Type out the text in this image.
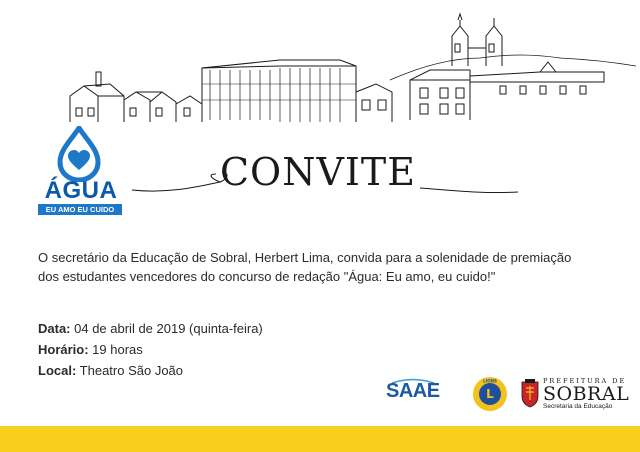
ÁGUA
EU AMO EU CUIDO
CONVITE
O secretário da Educação de Sobral, Herbert Lima, convida para a solenidade de premiação
dos estudantes vencedores do concurso de redação "Água: Eu amo, eu cuido!"
Data: 04 de abril de 2019 (quinta-feira)
Horário: 19 horas
Local: Theatro São João
SAAE	L
LIONS	PREFEITURA DE
SOBRAL
Secretaria da Educação
